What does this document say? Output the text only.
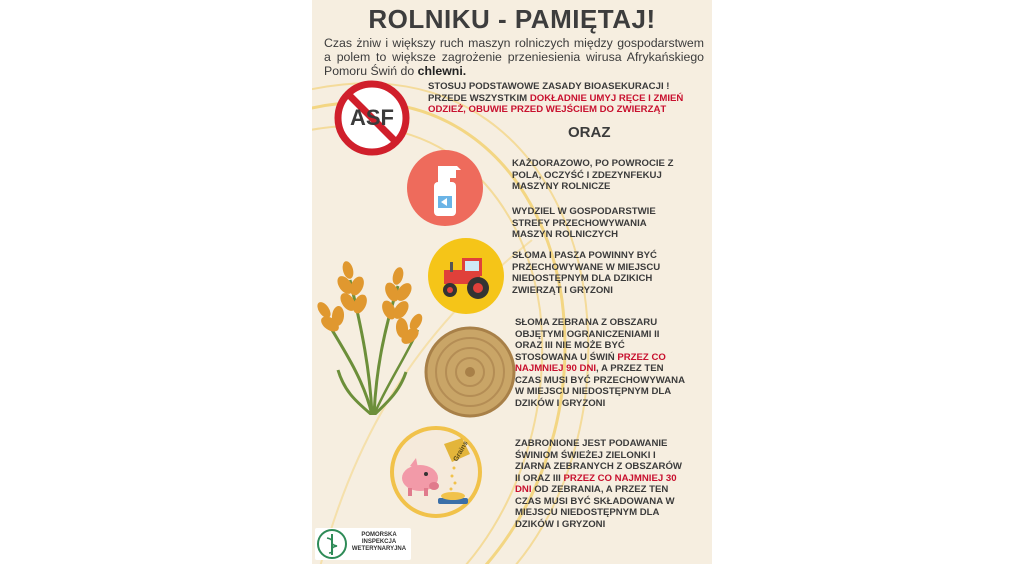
ROLNIKU - PAMIĘTAJ!
Czas żniw i większy ruch maszyn rolniczych między gospodarstwem a polem to większe zagrożenie przeniesienia wirusa Afrykańskiego Pomoru Świń do chlewni.
ASF
STOSUJ PODSTAWOWE ZASADY BIOASEKURACJI ! PRZEDE WSZYSTKIM DOKŁADNIE UMYJ RĘCE I ZMIEŃ ODZIEŻ, OBUWIE PRZED WEJŚCIEM DO ZWIERZĄT
ORAZ
KAŻDORAZOWO, PO POWROCIE Z POLA, OCZYŚĆ I ZDEZYNFEKUJ MASZYNY ROLNICZE
WYDZIEL W GOSPODARSTWIE STREFY PRZECHOWYWANIA MASZYN ROLNICZYCH
SŁOMA I PASZA POWINNY BYĆ PRZECHOWYWANE W MIEJSCU NIEDOSTĘPNYM DLA DZIKICH ZWIERZĄT I GRYZONI
SŁOMA ZEBRANA Z OBSZARU OBJĘTYMI OGRANICZENIAMI II ORAZ III NIE MOŻE BYĆ STOSOWANA U ŚWIŃ PRZEZ CO NAJMNIEJ 90 DNI, A PRZEZ TEN CZAS MUSI BYĆ PRZECHOWYWANA W MIEJSCU NIEDOSTĘPNYM DLA DZIKÓW I GRYZONI
Grains	ZABRONIONE JEST PODAWANIE ŚWINIOM ŚWIEŻEJ ZIELONKI I ZIARNA ZEBRANYCH Z OBSZARÓW II ORAZ III PRZEZ CO NAJMNIEJ 30 DNI OD ZEBRANIA, A PRZEZ TEN CZAS MUSI BYĆ SKŁADOWANA W MIEJSCU NIEDOSTĘPNYM DLA DZIKÓW I GRYZONI
POMORSKA INSPEKCJA WETERYNARYJNA
